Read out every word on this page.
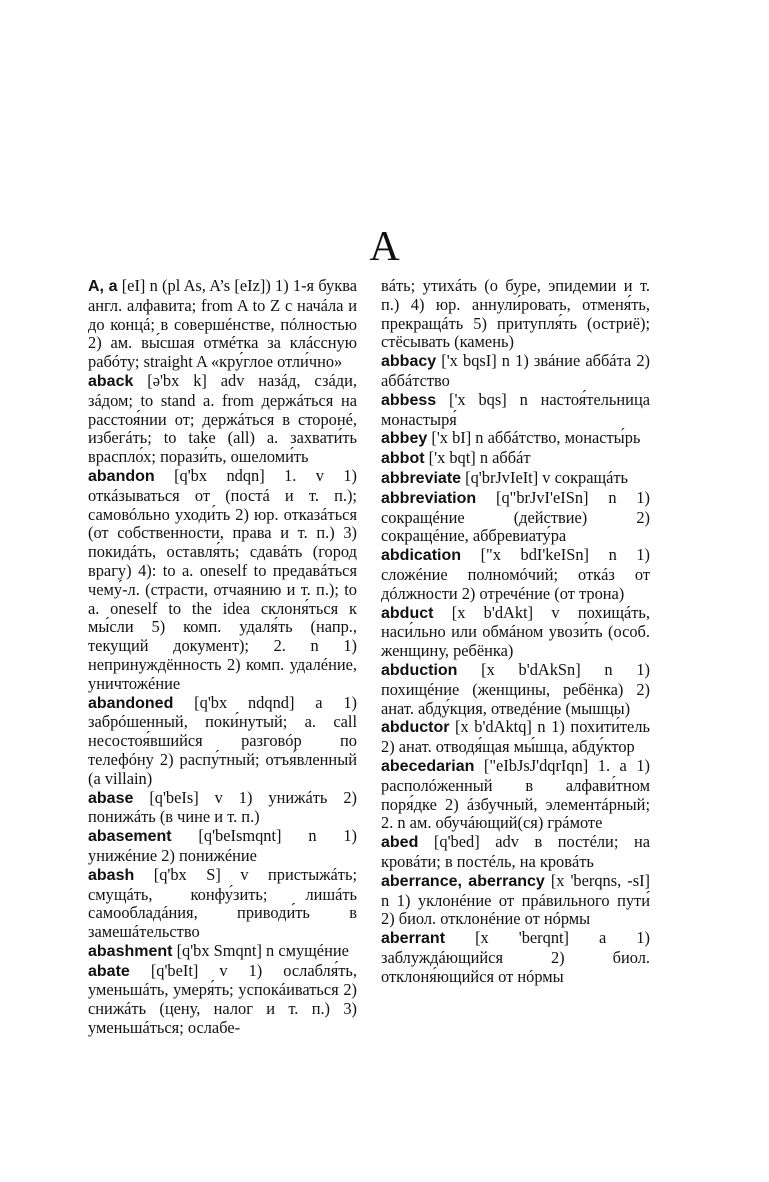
A

A, a [eI] n (pl As, A’s [eIz]) 1) 1-я буква англ. алфавита; from A to Z с начáла и до концá; в совершéнстве, пóлностью 2) ам. вы́сшая отмéтка за клáссную рабóту; straight A «кру́глое отли́чно»

aback [ə'bx k] adv назáд, сзáди, зáдом; to stand a. from держáться на расстоя́нии от; держáться в сторонé, избегáть; to take (all) a. захвати́ть враспло́х; порази́ть, ошеломи́ть

abandon [q'bx ndqn] 1. v 1) откáзываться от (постá и т. п.); самовóльно уходи́ть 2) юр. отказáться (от собственности, права и т. п.) 3) покидáть, оставля́ть; сдавáть (город врагу) 4): to a. oneself to предавáться чему́-л. (страсти, отчаянию и т. п.); to a. oneself to the idea склоня́ться к мы́сли 5) комп. удаля́ть (напр., текущий документ); 2. n 1) непринуждённость 2) комп. удалéние, уничтожéние

abandoned [q'bx ndqnd] a 1) забрóшенный, поки́нутый; a. call несостоя́вшийся разговóр по телефóну 2) распу́тный; отъя́вленный (a villain)

abase [q'beIs] v 1) унижáть 2) понижáть (в чине и т. п.)

abasement [q'beIsmqnt] n 1) унижéние 2) понижéние

abash [q'bx S] v пристыжáть; смущáть, конфу́зить; лишáть самообладáния, приводи́ть в замешáтельство

abashment [q'bx Smqnt] n смущéние

abate [q'beIt] v 1) ослабля́ть, уменьшáть, умеря́ть; успокáиваться 2) снижáть (цену, налог и т. п.) 3) уменьшáться; ослабе-

вáть; утихáть (о буре, эпидемии и т. п.) 4) юр. аннули́ровать, отменя́ть, прекращáть 5) притупля́ть (остриё); стёсывать (камень)

abbacy ['x bqsI] n 1) звáние аббáта 2) аббáтство

abbess ['x bqs] n настоя́тельница монастыря́

abbey ['x bI] n аббáтство, монасты́рь

abbot ['x bqt] n аббáт

abbreviate [q'brJvIeIt] v сокращáть

abbreviation [q"brJvI'eISn] n 1) сокращéние (действие) 2) сокращéние, аббревиату́ра

abdication ["x bdI'keISn] n 1) сложéние полномóчий; откáз от дóлжности 2) отречéние (от трона)

abduct [x b'dAkt] v похищáть, наси́льно или обмáном увози́ть (особ. женщину, ребёнка)

abduction [x b'dAkSn] n 1) похищéние (женщины, ребёнка) 2) анат. абду́кция, отведéние (мышцы)

abductor [x b'dAktq] n 1) похити́тель 2) анат. отводя́щая мы́шца, абду́ктор

abecedarian ["eIbJsJ'dqrIqn] 1. a 1) располóженный в алфави́тном поря́дке 2) áзбучный, элементáрный; 2. n ам. обучáющий(ся) грáмоте

abed [q'bed] adv в постéли; на кровáти; в постéль, на кровáть

aberrance, aberrancy [x 'berqns, -sI] n 1) уклонéние от прáвильного пути́ 2) биол. отклонéние от нóрмы

aberrant [x 'berqnt] a 1) заблуждáющийся 2) биол. отклоня́ющийся от нóрмы
